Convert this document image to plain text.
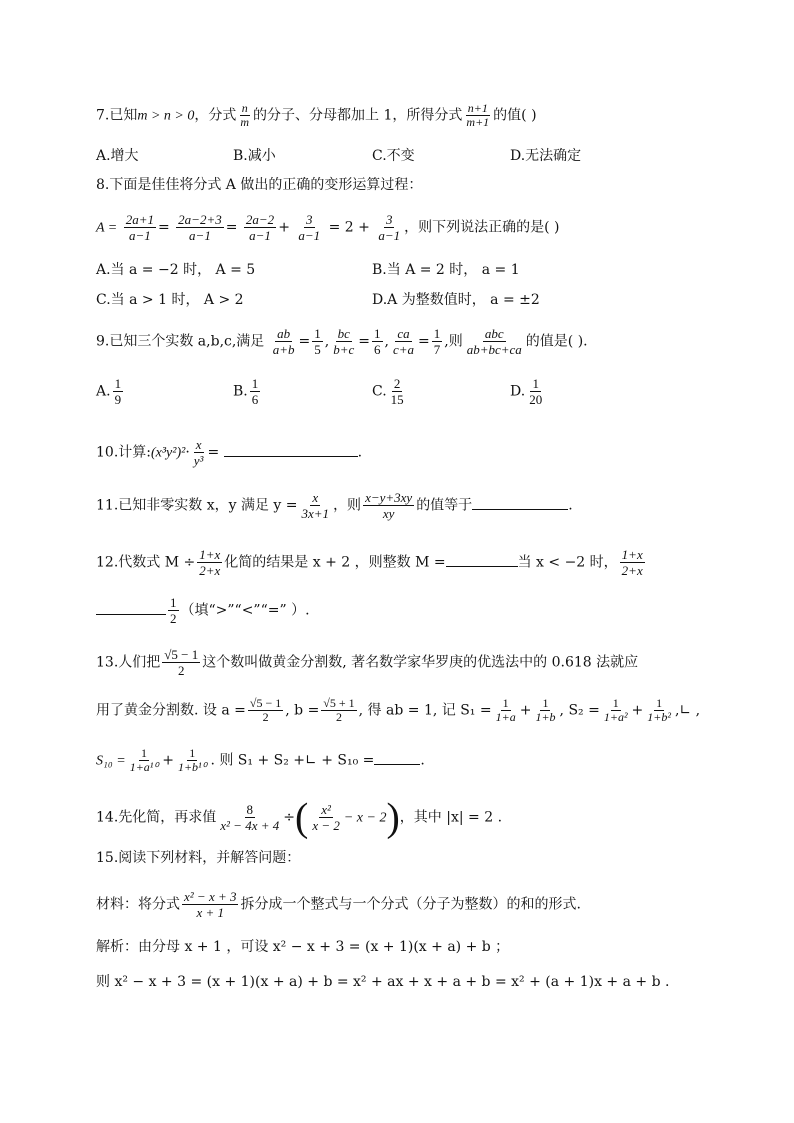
7.已知m > n > 0，分式 $\frac{n}{m}$ 的分子、分母都加上 1，所得分式 $\frac{n+1}{m+1}$ 的值( )
A.增大	B.减小	C.不变	D.无法确定
8.下面是佳佳将分式 A 做出的正确的变形运算过程：
$A = \frac{2a+1}{a-1} = \frac{2a-2+3}{a-1} = \frac{2a-2}{a-1} + \frac{3}{a-1} = 2 + \frac{3}{a-1}$ ，则下列说法正确的是( )
A.当 a = −2 时， A = 5	B.当 A = 2 时， a = 1
C.当 a > 1 时， A > 2	D.A 为整数值时， a = ±2
9.已知三个实数 a,b,c,满足 $\frac{ab}{a+b} = \frac{1}{5}$ , $\frac{bc}{b+c} = \frac{1}{6}$ , $\frac{ca}{c+a} = \frac{1}{7}$ ,则 $\frac{\text{abc}}{ab+bc+ca}$ 的值是( ).
A. $\frac{1}{9}$	B. $\frac{1}{6}$	C. $\frac{2}{15}$	D. $\frac{1}{20}$
10.计算:(x³y²)²· $\frac{x}{\text{y³}}$ =	.
11.已知非零实数 x，y 满足 $y = \frac{x}{3x+1}$ ，则 $\frac{x-y+3xy}{xy}$ 的值等于	.
12.代数式 $M \div \frac{1+x}{2+x}$ 化简的结果是 x + 2 ，则整数 M =	当 x < −2 时， $\frac{1+x}{2+x}$
$\frac{1}{2}$ （填“>”“<”“=” ）.
13.人们把 $\frac{√5 - 1}{2}$ 这个数叫做黄金分割数, 著名数学家华罗庚的优选法中的 0.618 法就应
用了黄金分割数. 设 $a = \frac{√5 - 1}{2}$ , $b = \frac{√5 + 1}{2}$ , 得 ab = 1, 记 $S_1 = \frac{1}{1+a} + \frac{1}{1+b}$ , $S_2 = \frac{1}{\text{1+a²}} + \frac{1}{\text{1+b²}}$ ,∟ ,
$S_{10} = \frac{1}{\text{1+a¹⁰}} + \frac{1}{\text{1+b¹⁰}}$ . 则 S₁ + S₂ +∟ + S₁₀ =	.
14.先化简，再求值 $\frac{8}{\text{x² − 4x + 4}}$ ÷( $\frac{\text{x²}}{x - 2} - x - 2$)，其中 |x| = 2 .
15.阅读下列材料，并解答问题：
材料：将分式 $\frac{\text{x² − x + 3}}{x + 1}$ 拆分成一个整式与一个分式（分子为整数）的和的形式.
解析：由分母 x + 1 ，可设 x² − x + 3 = (x + 1)(x + a) + b ；
则 x² − x + 3 = (x + 1)(x + a) + b = x² + ax + x + a + b = x² + (a + 1)x + a + b .
